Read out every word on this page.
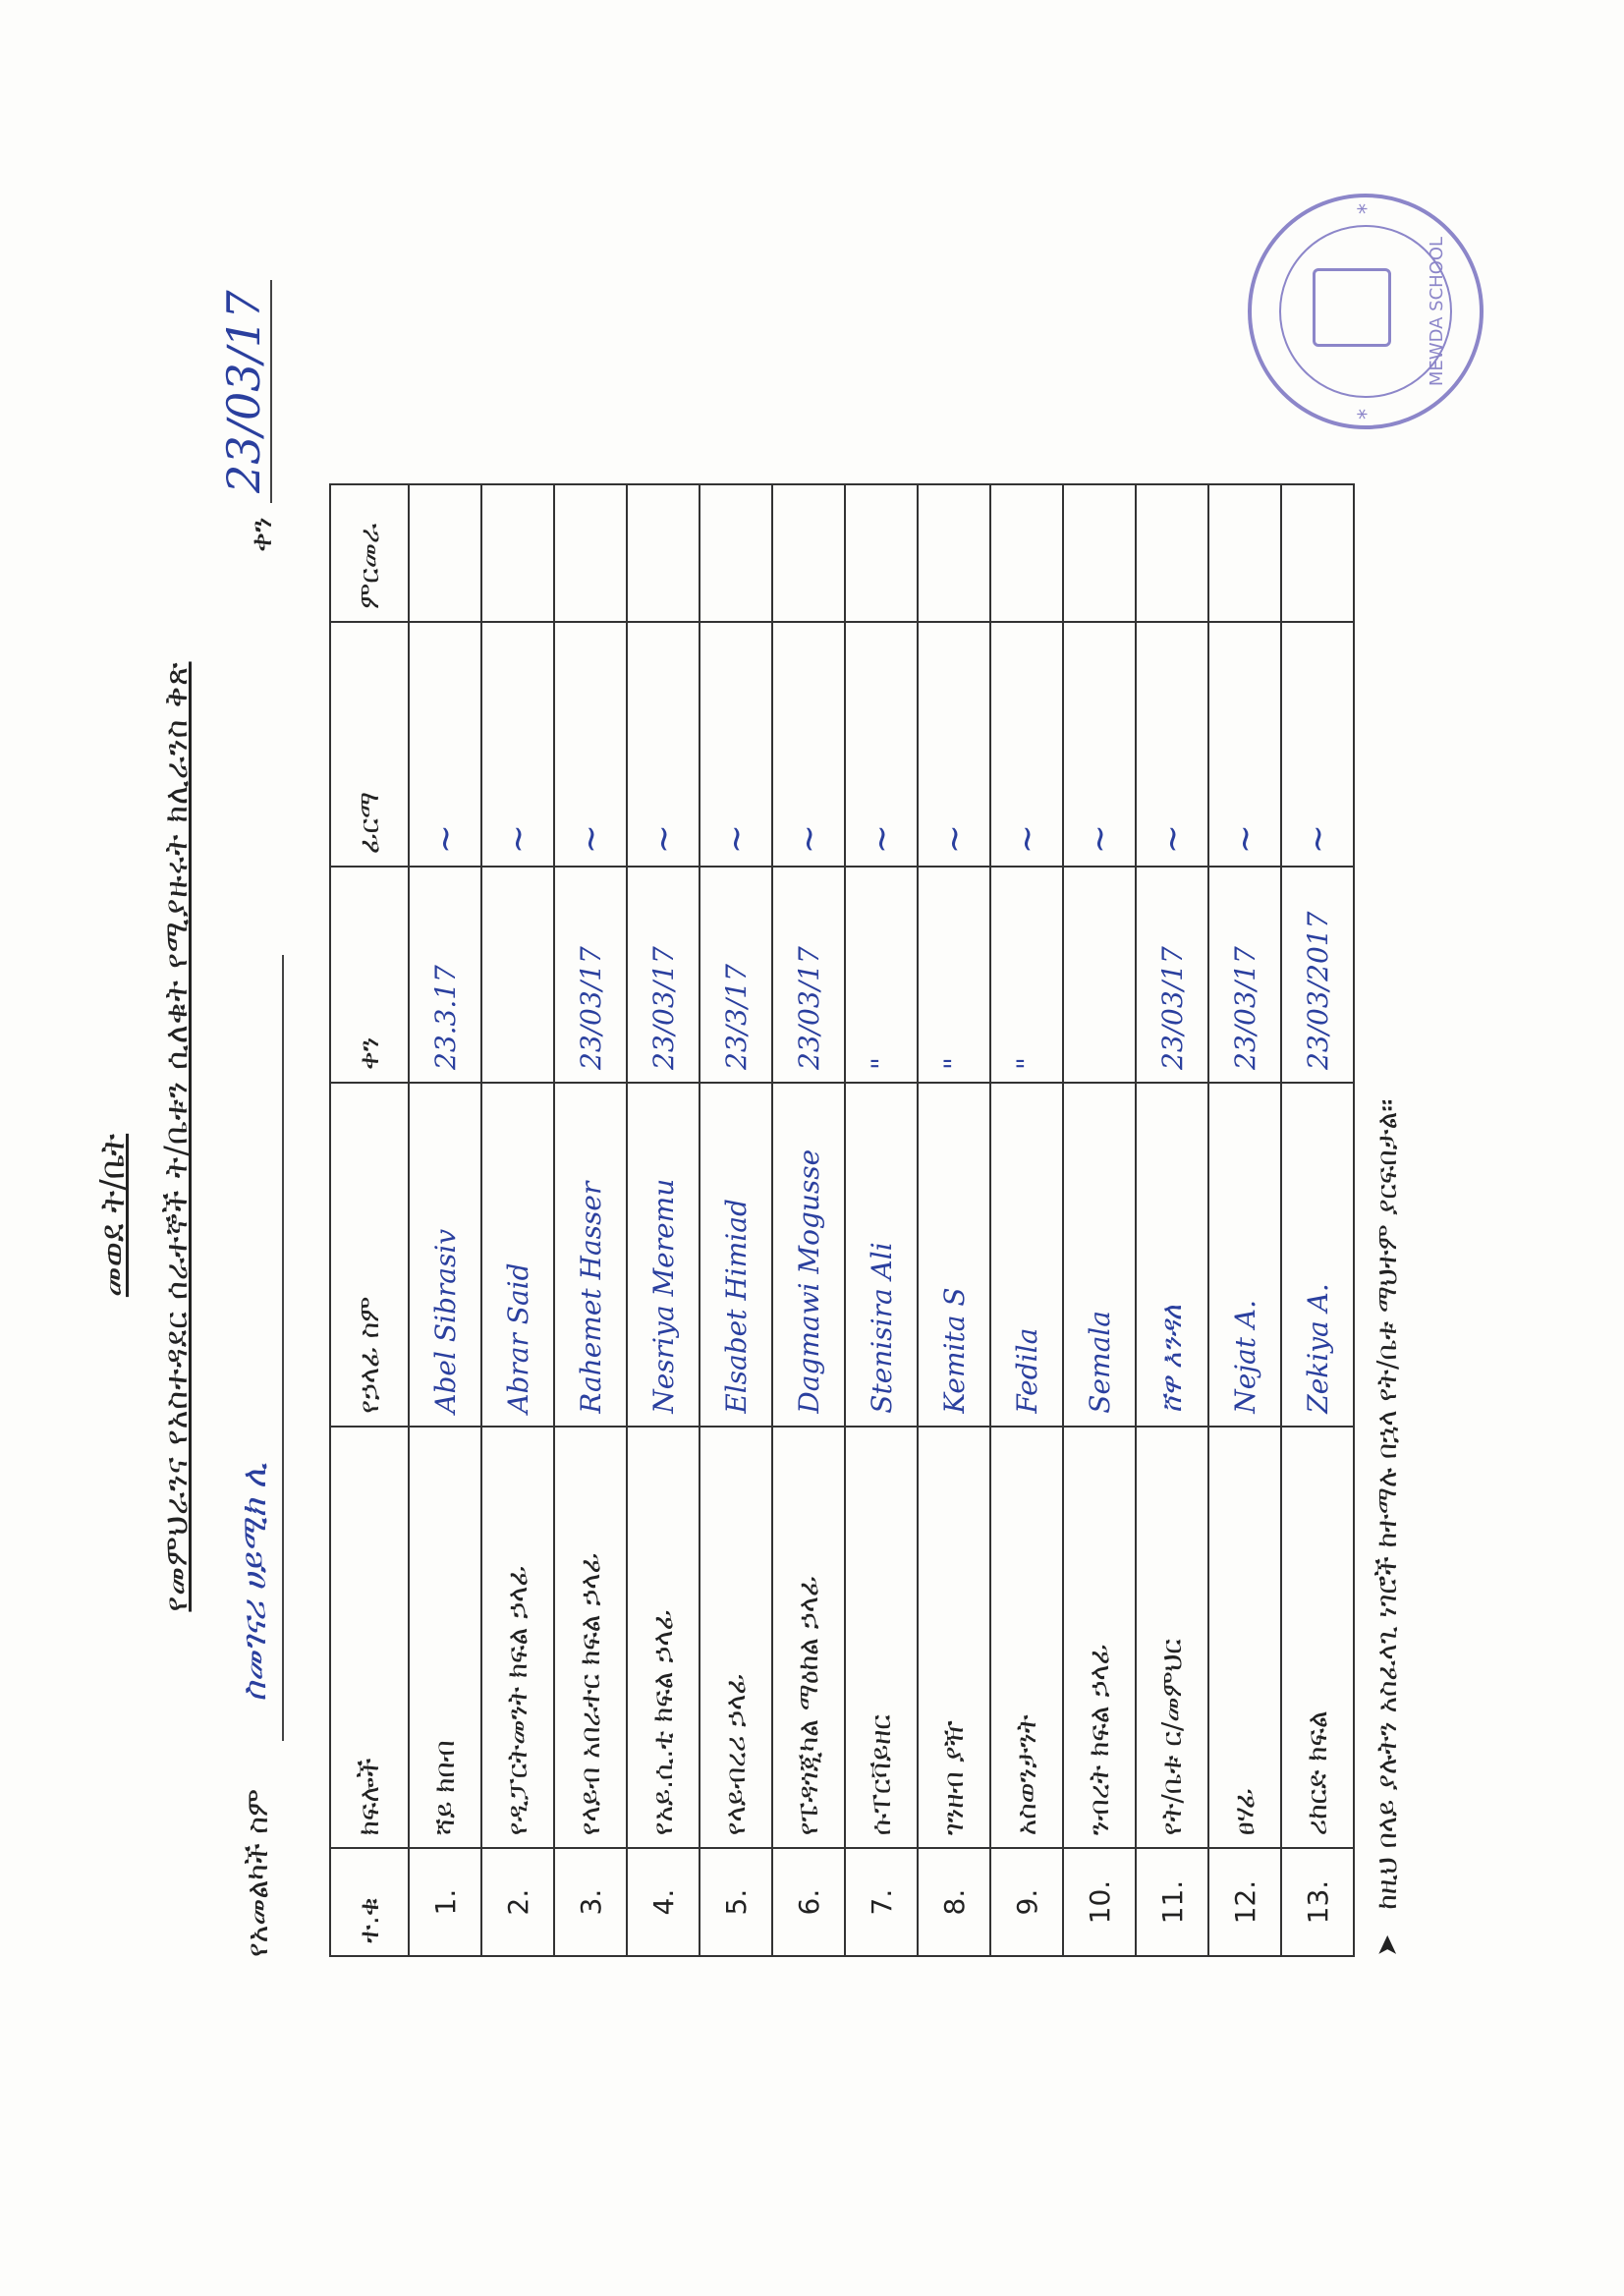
መወደ ት/ቤት የመምህራንና የአስተዳደር ሰራተኞች ት/ቤቱን ሲለቁት የሚያዙሩት ክሊራንስ ቅጽ
የአመልካች ስም
ስመገናሪ ሀይሚክ ሊ
ቀን
23/03/17
ተ.ቁ	ክፍሎች	የኃላፊ ስም	ቀን	ፊርማ	ምርመራ
1.	ሻይ ክበብ	Abel Sibrasiv	23.3.17	~	
2.	የዲፓርትመንት ክፍል ኃላፊ	Abrar Said		~	
3.	የላይብ አበራተር ክፍል ኃላፊ	Rahemet Hasser	23/03/17	~	
4.	የአይ.ሲ.ቲ ክፍል ኃላፊ	Nesriya Meremu	23/03/17	~	
5.	የላይብረሪ ኃላፊ	Elsabet Himiad	23/3/17	~	
6.	የፔዳጎጂካል ማዕከል ኃላፊ	Dagmawi Mogusse	23/03/17	~	
7.	ሱፐርቫይዘር	Stenisira Ali	"	~	
8.	ገንዘብ ያዥ	Kemita S	"	~	
9.	አስወንታንት	Fedila	"	~	
10.	ንብረት ክፍል ኃላፊ	Semala		~	
11.	የት/ቤቱ ር/መምህር	ሸዋ እንዳለ	23/03/17	~	
12.	ፀሃፊ	Nejat A.	23/03/17	~	
13.	ሪከርድ ክፍል	Zekiya A.	23/03/2017	~	
➤ ከዚህ በላይ ያሉትን አስፈላጊ ነገሮች ከተማሉ በኋላ የት/ቤቱ ማህተም ያርፍበታል።
*
*
MEWDA SCHOOL
